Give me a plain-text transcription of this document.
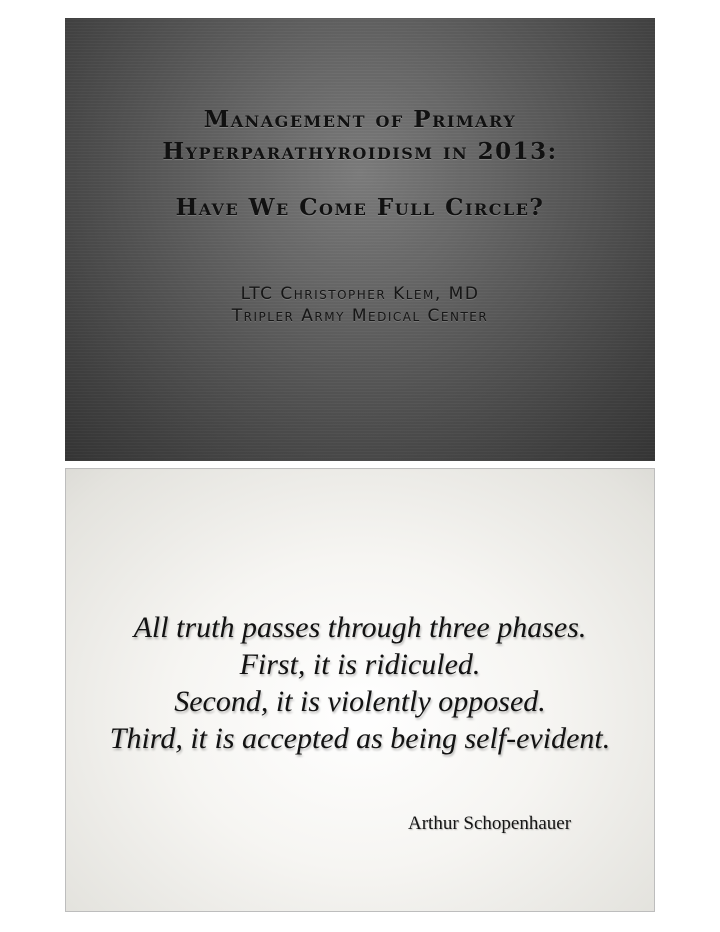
Management of Primary
Hyperparathyroidism in 2013:
Have We Come Full Circle?
LTC Christopher Klem, MD
Tripler Army Medical Center
All truth passes through three phases.
First, it is ridiculed.
Second, it is violently opposed.
Third, it is accepted as being self-evident.
Arthur Schopenhauer
